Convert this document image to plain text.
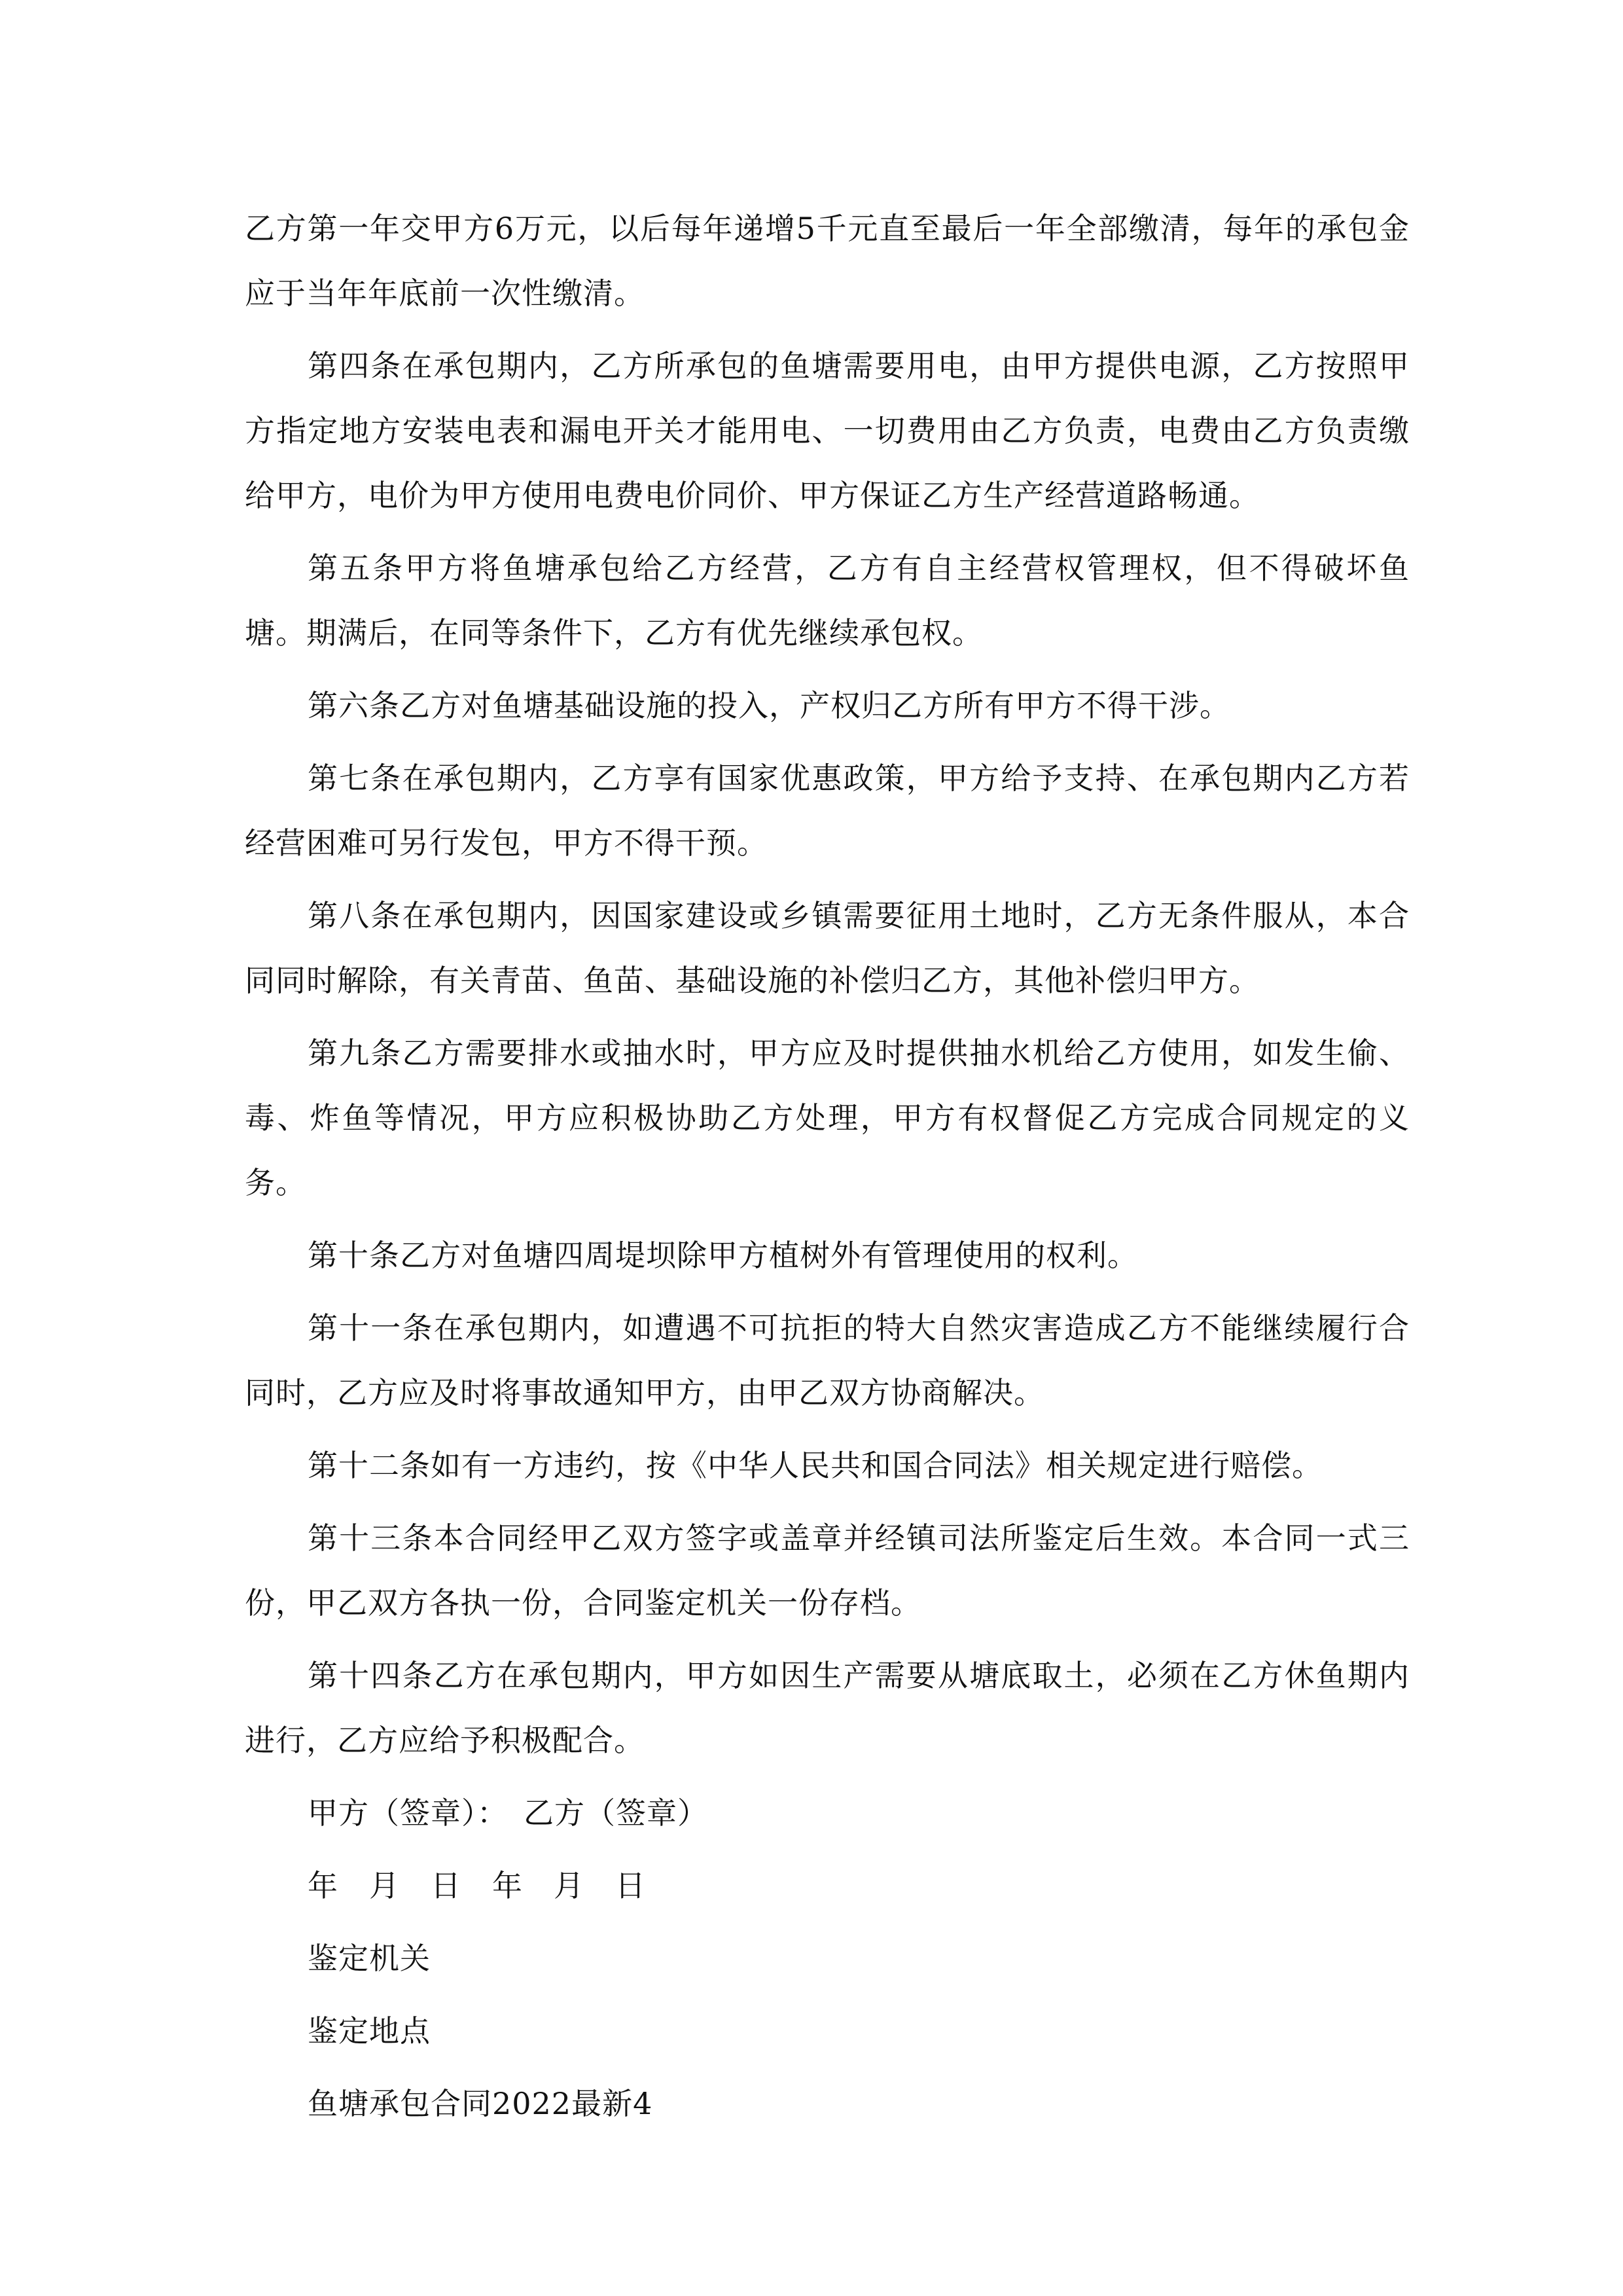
乙方第一年交甲方6万元，以后每年递增5千元直至最后一年全部缴清，每年的承包金应于当年年底前一次性缴清。

第四条在承包期内，乙方所承包的鱼塘需要用电，由甲方提供电源，乙方按照甲方指定地方安装电表和漏电开关才能用电、一切费用由乙方负责，电费由乙方负责缴给甲方，电价为甲方使用电费电价同价、甲方保证乙方生产经营道路畅通。

第五条甲方将鱼塘承包给乙方经营，乙方有自主经营权管理权，但不得破坏鱼塘。期满后，在同等条件下，乙方有优先继续承包权。

第六条乙方对鱼塘基础设施的投入，产权归乙方所有甲方不得干涉。

第七条在承包期内，乙方享有国家优惠政策，甲方给予支持、在承包期内乙方若经营困难可另行发包，甲方不得干预。

第八条在承包期内，因国家建设或乡镇需要征用土地时，乙方无条件服从，本合同同时解除，有关青苗、鱼苗、基础设施的补偿归乙方，其他补偿归甲方。

第九条乙方需要排水或抽水时，甲方应及时提供抽水机给乙方使用，如发生偷、毒、炸鱼等情况，甲方应积极协助乙方处理，甲方有权督促乙方完成合同规定的义务。

第十条乙方对鱼塘四周堤坝除甲方植树外有管理使用的权利。

第十一条在承包期内，如遭遇不可抗拒的特大自然灾害造成乙方不能继续履行合同时，乙方应及时将事故通知甲方，由甲乙双方协商解决。

第十二条如有一方违约，按《中华人民共和国合同法》相关规定进行赔偿。

第十三条本合同经甲乙双方签字或盖章并经镇司法所鉴定后生效。本合同一式三份，甲乙双方各执一份，合同鉴定机关一份存档。

第十四条乙方在承包期内，甲方如因生产需要从塘底取土，必须在乙方休鱼期内进行，乙方应给予积极配合。

甲方（签章）：　乙方（签章）

年　月　日　年　月　日

鉴定机关

鉴定地点

鱼塘承包合同2022最新4
